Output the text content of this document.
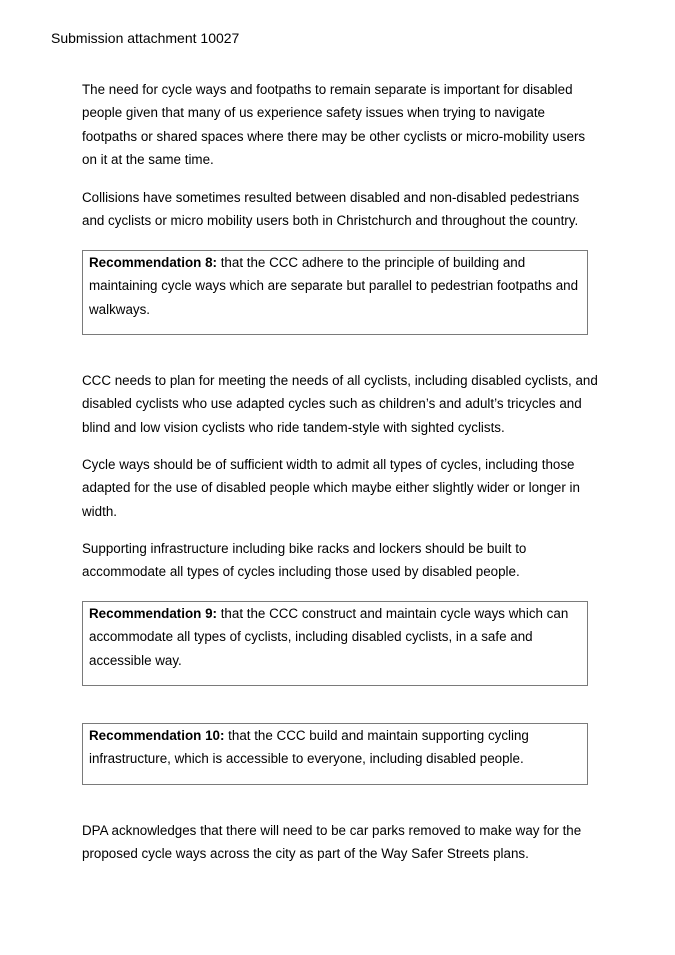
Submission attachment 10027

The need for cycle ways and footpaths to remain separate is important for disabled people given that many of us experience safety issues when trying to navigate footpaths or shared spaces where there may be other cyclists or micro-mobility users on it at the same time.

Collisions have sometimes resulted between disabled and non-disabled pedestrians and cyclists or micro mobility users both in Christchurch and throughout the country.

Recommendation 8: that the CCC adhere to the principle of building and maintaining cycle ways which are separate but parallel to pedestrian footpaths and walkways.

CCC needs to plan for meeting the needs of all cyclists, including disabled cyclists, and disabled cyclists who use adapted cycles such as children’s and adult’s tricycles and blind and low vision cyclists who ride tandem-style with sighted cyclists.

Cycle ways should be of sufficient width to admit all types of cycles, including those adapted for the use of disabled people which maybe either slightly wider or longer in width.

Supporting infrastructure including bike racks and lockers should be built to accommodate all types of cycles including those used by disabled people.

Recommendation 9: that the CCC construct and maintain cycle ways which can accommodate all types of cyclists, including disabled cyclists, in a safe and accessible way.

Recommendation 10: that the CCC build and maintain supporting cycling infrastructure, which is accessible to everyone, including disabled people.

DPA acknowledges that there will need to be car parks removed to make way for the proposed cycle ways across the city as part of the Way Safer Streets plans.
